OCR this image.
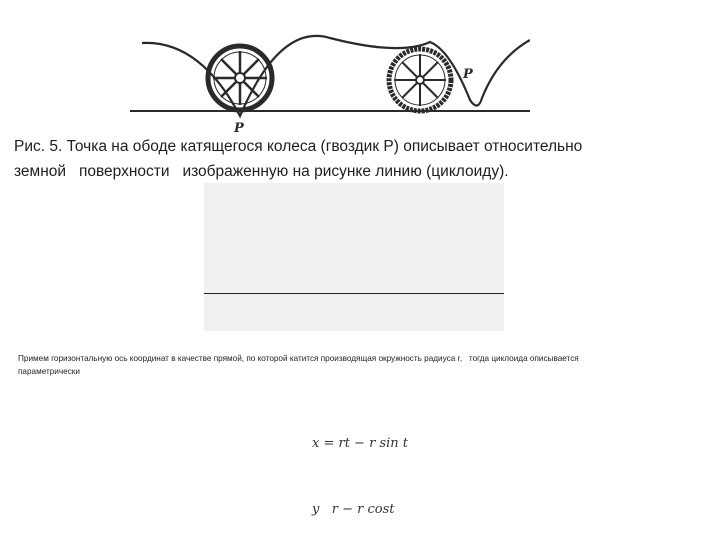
P
P
Рис. 5. Точка на ободе катящегося колеса (гвоздик Р) описывает относительно
земной   поверхности   изображенную на рисунке линию (циклоиду).
Примем горизонтальную ось координат в качестве прямой, по которой катится производящая окружность радиуса r,   тогда циклоида описывается
параметрически

x = rt − r sin t

y   r − r cost
